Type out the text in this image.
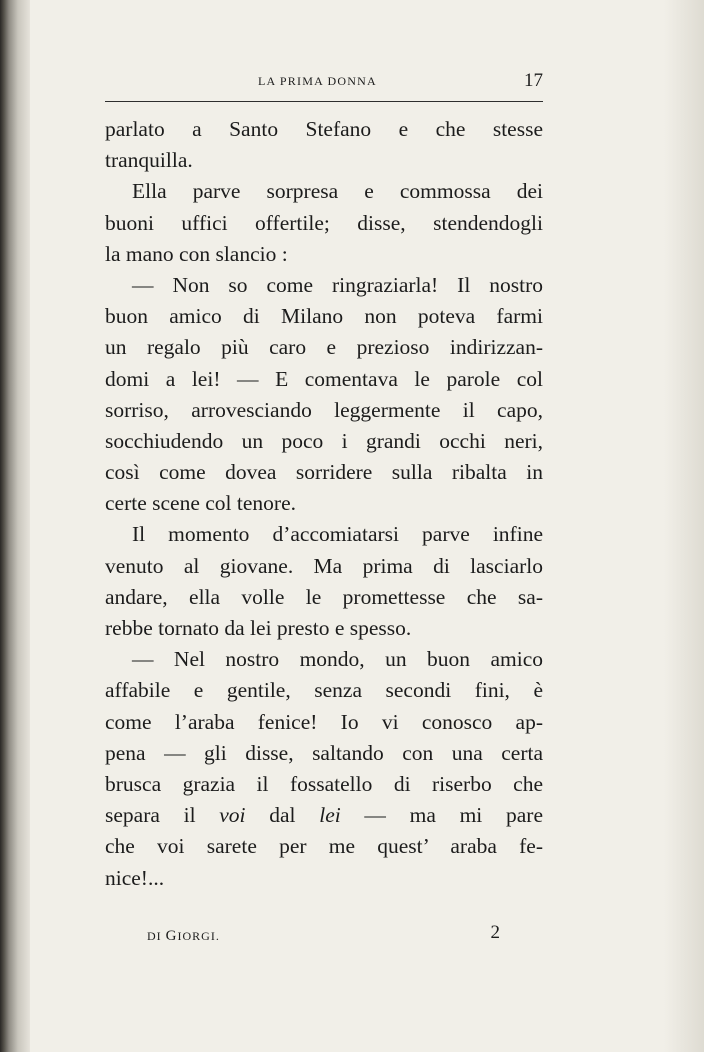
LA PRIMA DONNA	17
parlato a Santo Stefano e che stesse
tranquilla.
Ella parve sorpresa e commossa dei
buoni uffici offertile; disse, stendendogli
la mano con slancio :
— Non so come ringraziarla! Il nostro
buon amico di Milano non poteva farmi
un regalo più caro e prezioso indirizzan-
domi a lei! — E comentava le parole col
sorriso, arrovesciando leggermente il capo,
socchiudendo un poco i grandi occhi neri,
così come dovea sorridere sulla ribalta in
certe scene col tenore.
Il momento d’accomiatarsi parve infine
venuto al giovane. Ma prima di lasciarlo
andare, ella volle le promettesse che sa-
rebbe tornato da lei presto e spesso.
— Nel nostro mondo, un buon amico
affabile e gentile, senza secondi fini, è
come l’araba fenice! Io vi conosco ap-
pena — gli disse, saltando con una certa
brusca grazia il fossatello di riserbo che
separa il voi dal lei — ma mi pare
che voi sarete per me quest’ araba fe-
nice!...
DI GIORGI.	2
